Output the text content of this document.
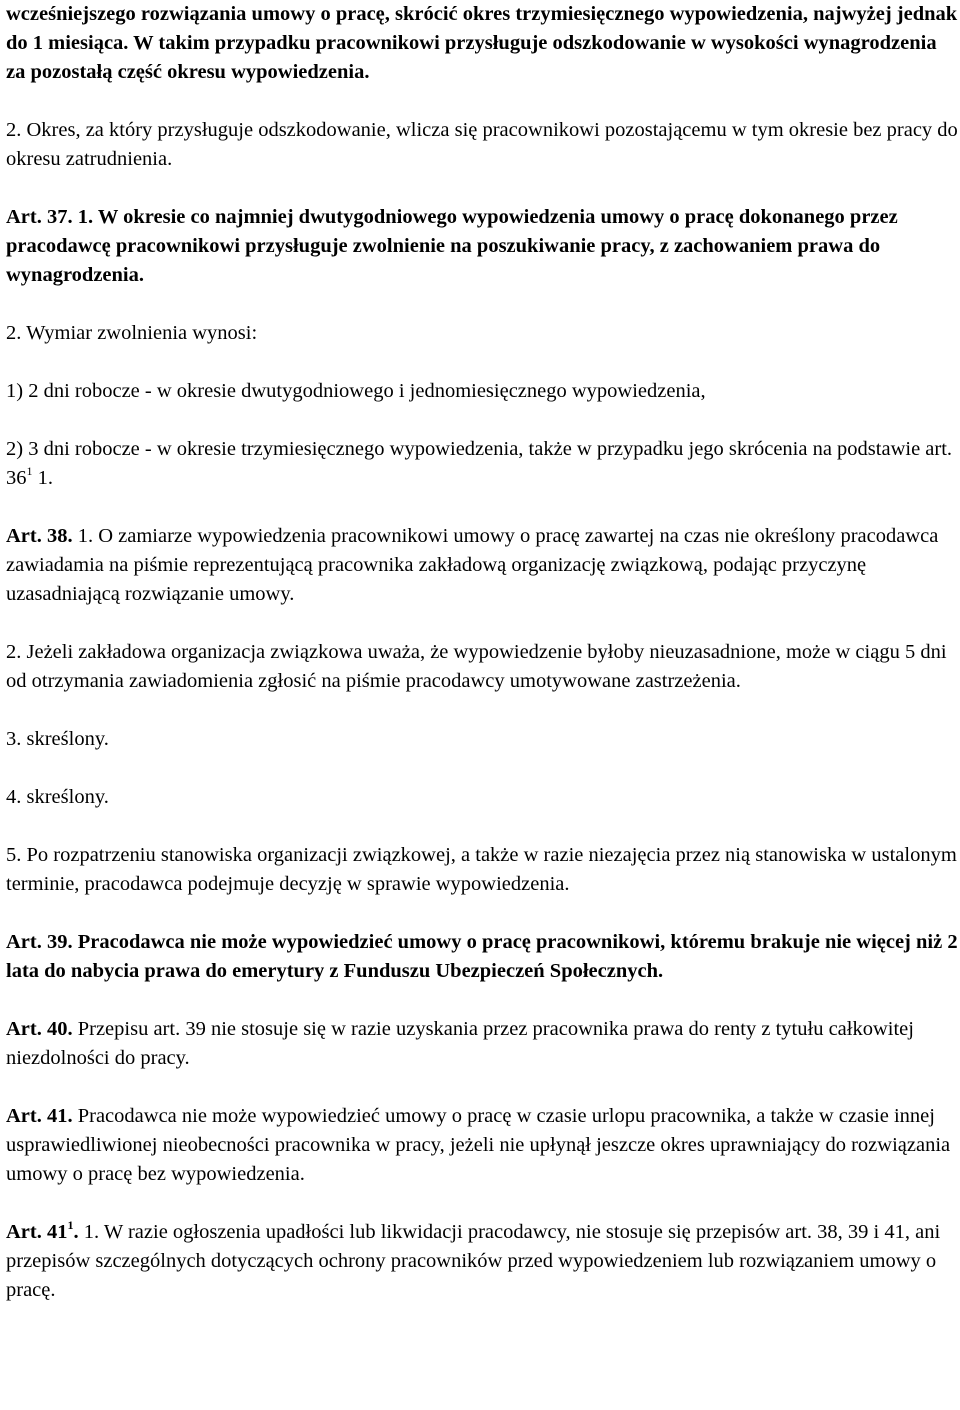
wcześniejszego rozwiązania umowy o pracę, skrócić okres trzymiesięcznego wypowiedzenia, najwyżej jednak do 1 miesiąca. W takim przypadku pracownikowi przysługuje odszkodowanie w wysokości wynagrodzenia za pozostałą część okresu wypowiedzenia.

2. Okres, za który przysługuje odszkodowanie, wlicza się pracownikowi pozostającemu w tym okresie bez pracy do okresu zatrudnienia.

Art. 37. 1. W okresie co najmniej dwutygodniowego wypowiedzenia umowy o pracę dokonanego przez pracodawcę pracownikowi przysługuje zwolnienie na poszukiwanie pracy, z zachowaniem prawa do wynagrodzenia.

2. Wymiar zwolnienia wynosi:

1) 2 dni robocze - w okresie dwutygodniowego i jednomiesięcznego wypowiedzenia,

2) 3 dni robocze - w okresie trzymiesięcznego wypowiedzenia, także w przypadku jego skrócenia na podstawie art. $36^1$ 1.

Art. 38. 1. O zamiarze wypowiedzenia pracownikowi umowy o pracę zawartej na czas nie określony pracodawca zawiadamia na piśmie reprezentującą pracownika zakładową organizację związkową, podając przyczynę uzasadniającą rozwiązanie umowy.

2. Jeżeli zakładowa organizacja związkowa uważa, że wypowiedzenie byłoby nieuzasadnione, może w ciągu 5 dni od otrzymania zawiadomienia zgłosić na piśmie pracodawcy umotywowane zastrzeżenia.

3. skreślony.

4. skreślony.

5. Po rozpatrzeniu stanowiska organizacji związkowej, a także w razie niezajęcia przez nią stanowiska w ustalonym terminie, pracodawca podejmuje decyzję w sprawie wypowiedzenia.

Art. 39. Pracodawca nie może wypowiedzieć umowy o pracę pracownikowi, któremu brakuje nie więcej niż 2 lata do nabycia prawa do emerytury z Funduszu Ubezpieczeń Społecznych.

Art. 40. Przepisu art. 39 nie stosuje się w razie uzyskania przez pracownika prawa do renty z tytułu całkowitej niezdolności do pracy.

Art. 41. Pracodawca nie może wypowiedzieć umowy o pracę w czasie urlopu pracownika, a także w czasie innej usprawiedliwionej nieobecności pracownika w pracy, jeżeli nie upłynął jeszcze okres uprawniający do rozwiązania umowy o pracę bez wypowiedzenia.

Art. $41^1$. 1. W razie ogłoszenia upadłości lub likwidacji pracodawcy, nie stosuje się przepisów art. 38, 39 i 41, ani przepisów szczególnych dotyczących ochrony pracowników przed wypowiedzeniem lub rozwiązaniem umowy o pracę.
